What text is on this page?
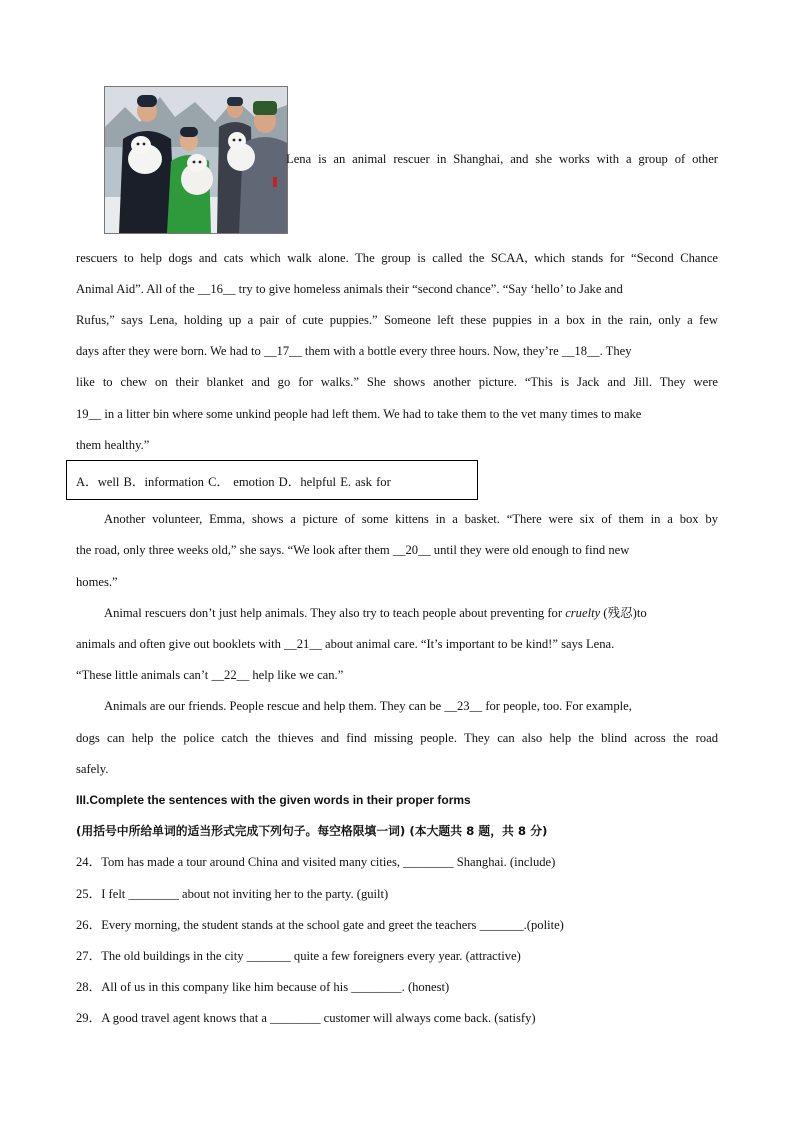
Lena is an animal rescuer in Shanghai, and she works with a group of other
rescuers to help dogs and cats which walk alone. The group is called the SCAA, which stands for “Second Chance
Animal Aid”. All of the __16__ try to give homeless animals their “second chance”. “Say ‘hello’ to Jake and
Rufus,” says Lena, holding up a pair of cute puppies.” Someone left these puppies in a box in the rain, only a few
days after they were born. We had to __17__ them with a bottle every three hours. Now, they’re __18__. They
like to chew on their blanket and go for walks.” She shows another picture. “This is Jack and Jill. They were
19__ in a litter bin where some unkind people had left them. We had to take them to the vet many times to make
them healthy.”
A．well B．information C． emotion D．helpful E. ask for
Another volunteer, Emma, shows a picture of some kittens in a basket. “There were six of them in a box by
the road, only three weeks old,” she says. “We look after them __20__ until they were old enough to find new
homes.”
Animal rescuers don’t just help animals. They also try to teach people about preventing for cruelty (残忍)to
animals and often give out booklets with __21__ about animal care. “It’s important to be kind!” says Lena.
“These little animals can’t __22__ help like we can.”
Animals are our friends. People rescue and help them. They can be __23__ for people, too. For example,
dogs can help the police catch the thieves and find missing people. They can also help the blind across the road
safely.
III.Complete the sentences with the given words in their proper forms
(用括号中所给单词的适当形式完成下列句子。每空格限填一词) (本大题共 8 题，共 8 分)
24．Tom has made a tour around China and visited many cities, ________ Shanghai. (include)
25．I felt ________ about not inviting her to the party. (guilt)
26．Every morning, the student stands at the school gate and greet the teachers _______.(polite)
27．The old buildings in the city _______ quite a few foreigners every year. (attractive)
28．All of us in this company like him because of his ________. (honest)
29．A good travel agent knows that a ________ customer will always come back. (satisfy)
